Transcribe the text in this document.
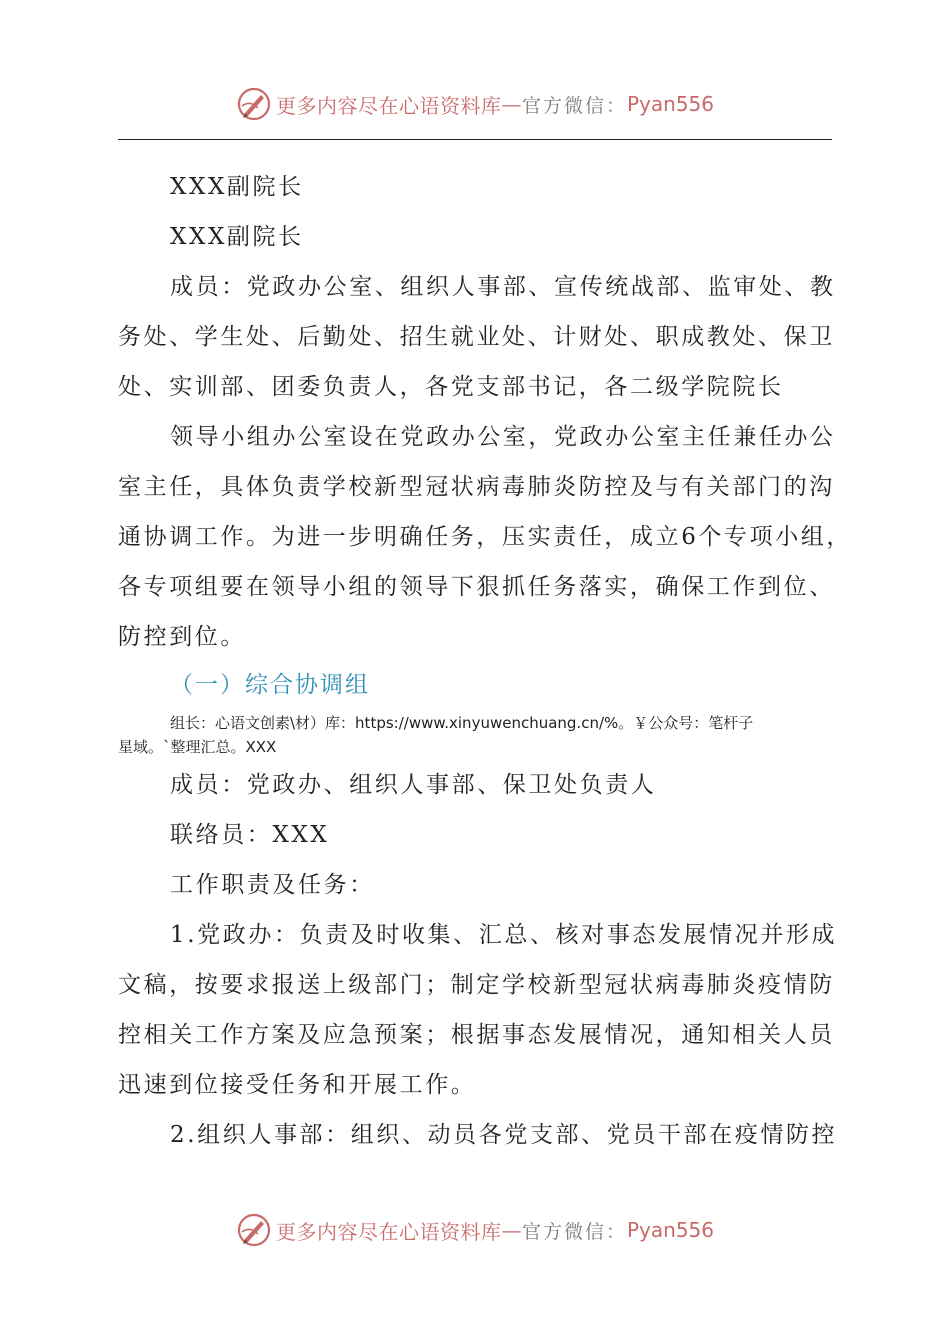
更多内容尽在心语资料库 — 官方微信： Pyan556
XXX副院长
XXX副院长
成员：党政办公室、组织人事部、宣传统战部、监审处、教
务处、学生处、后勤处、招生就业处、计财处、职成教处、保卫
处、实训部、团委负责人，各党支部书记，各二级学院院长
领导小组办公室设在党政办公室，党政办公室主任兼任办公
室主任，具体负责学校新型冠状病毒肺炎防控及与有关部门的沟
通协调工作。为进一步明确任务，压实责任，成立6个专项小组，
各专项组要在领导小组的领导下狠抓任务落实，确保工作到位、
防控到位。
（一）综合协调组
组长：心语文创素\材）库：https://www.xinyuwenchuang.cn/%。￥公众号：笔杆子
星域。`整理汇总。XXX
成员：党政办、组织人事部、保卫处负责人
联络员：XXX
工作职责及任务：
1.党政办：负责及时收集、汇总、核对事态发展情况并形成
文稿，按要求报送上级部门；制定学校新型冠状病毒肺炎疫情防
控相关工作方案及应急预案；根据事态发展情况，通知相关人员
迅速到位接受任务和开展工作。
2.组织人事部：组织、动员各党支部、党员干部在疫情防控
更多内容尽在心语资料库 — 官方微信： Pyan556
